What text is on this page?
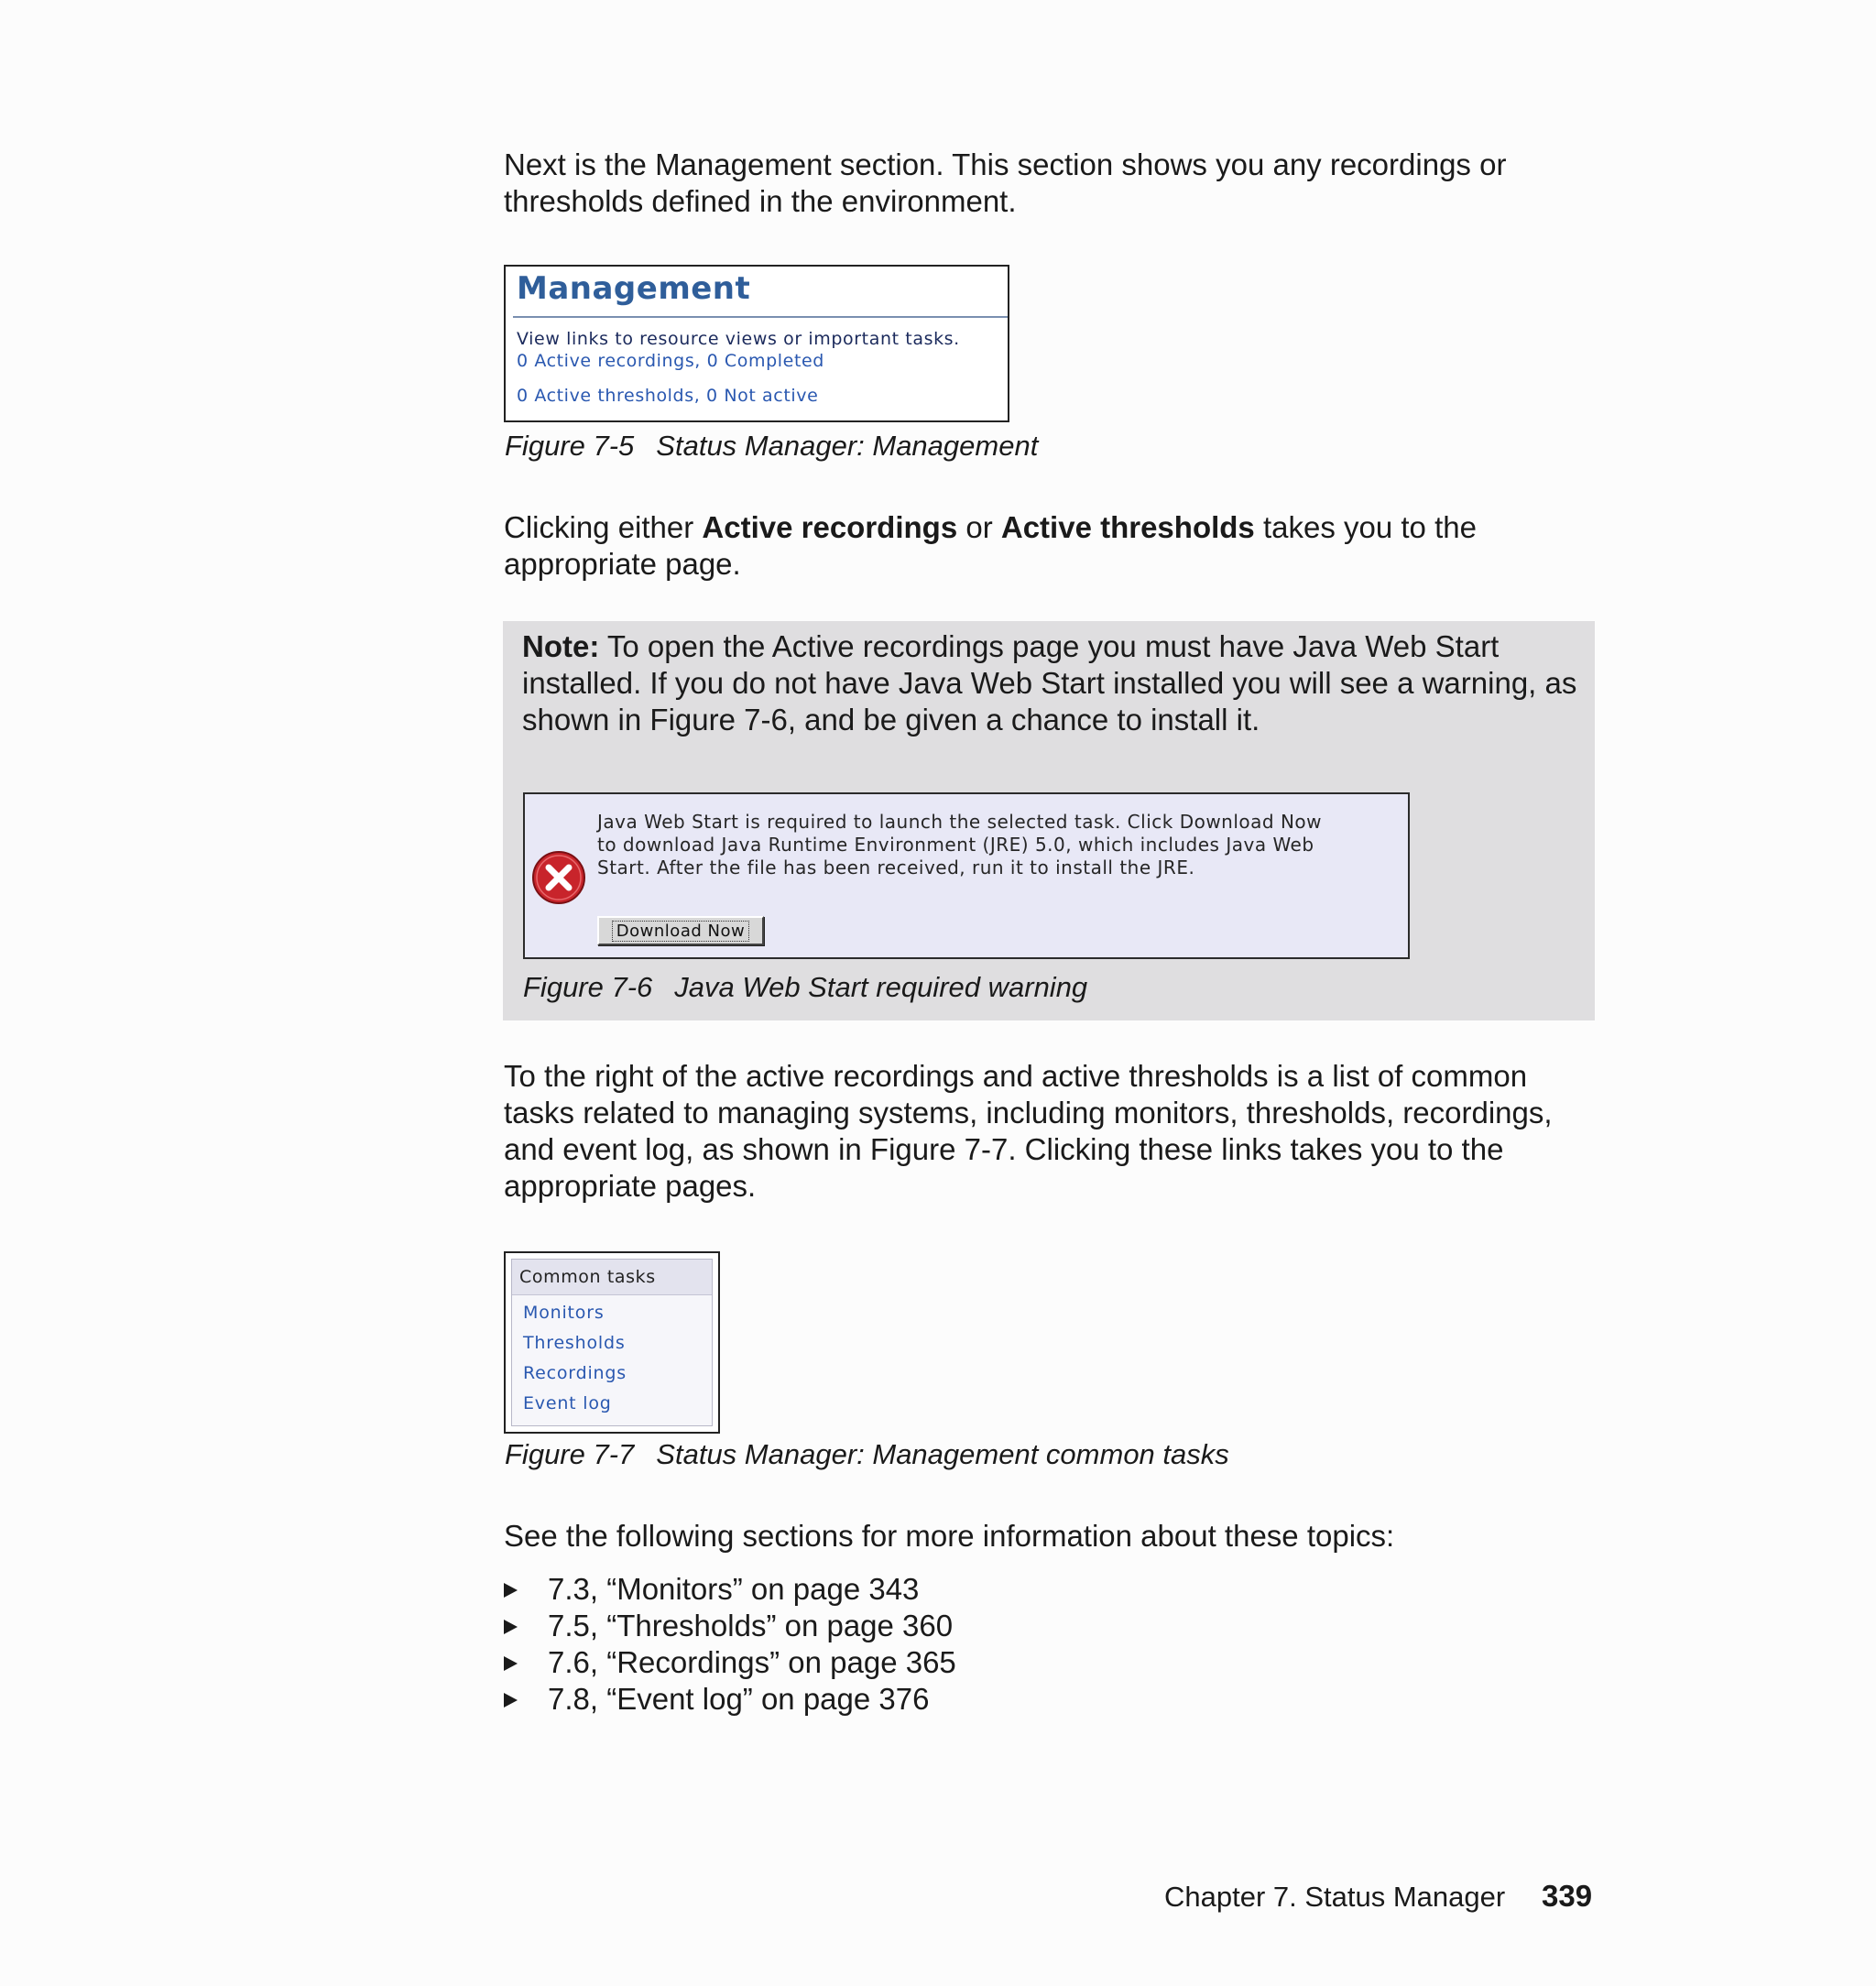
Next is the Management section. This section shows you any recordings or thresholds defined in the environment.

Management
View links to resource views or important tasks.
0 Active recordings, 0 Completed
0 Active thresholds, 0 Not active
Figure 7-5 Status Manager: Management

Clicking either Active recordings or Active thresholds takes you to the appropriate page.

Note: To open the Active recordings page you must have Java Web Start installed. If you do not have Java Web Start installed you will see a warning, as shown in Figure 7-6, and be given a chance to install it.

Java Web Start is required to launch the selected task. Click Download Now to download Java Runtime Environment (JRE) 5.0, which includes Java Web Start. After the file has been received, run it to install the JRE.
Download Now
Figure 7-6 Java Web Start required warning

To the right of the active recordings and active thresholds is a list of common tasks related to managing systems, including monitors, thresholds, recordings, and event log, as shown in Figure 7-7. Clicking these links takes you to the appropriate pages.

Common tasks
Monitors
Thresholds
Recordings
Event log
Figure 7-7 Status Manager: Management common tasks

See the following sections for more information about these topics:

7.3, “Monitors” on page 343
7.5, “Thresholds” on page 360
7.6, “Recordings” on page 365
7.8, “Event log” on page 376
Chapter 7. Status Manager 339
